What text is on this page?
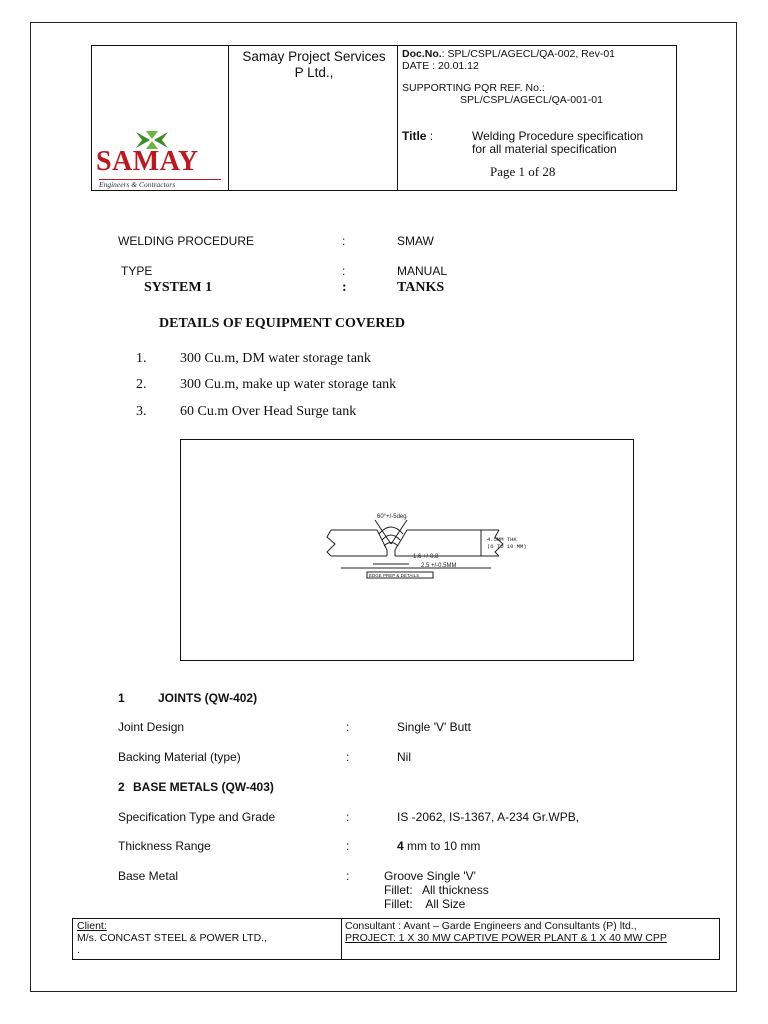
Samay Project Services
P Ltd.,
SAMAY
Engineers & Contractors
Doc.No.: SPL/CSPL/AGECL/QA-002, Rev-01
DATE : 20.01.12
SUPPORTING PQR REF. No.:
SPL/CSPL/AGECL/QA-001-01
Title :	Welding Procedure specification
for all material specification
Page 1 of 28
WELDING PROCEDURE	:	SMAW
TYPE	:	MANUAL
SYSTEM 1	:	TANKS
DETAILS OF EQUIPMENT COVERED
1. 300 Cu.m, DM water storage tank
2. 300 Cu.m, make up water storage tank
3. 60 Cu.m Over Head Surge tank
60°+/-5deg
4.5MM THK
(6 TO 10 MM)
1.6 +/-0.8
2.5 +/-0.5MM
EDGE PREP & DETAILS
1	JOINTS (QW-402)
Joint Design	:	Single 'V' Butt
Backing Material (type)	:	Nil
2 BASE METALS (QW-403)
Specification Type and Grade	:	IS -2062, IS-1367, A-234 Gr.WPB,
Thickness Range	:	4 mm to 10 mm
Base Metal	:	Groove Single 'V'
Fillet:   All thickness
Fillet:    All Size
Client:
M/s. CONCAST STEEL & POWER LTD.,
.
Consultant : Avant – Garde Engineers and Consultants (P) ltd.,
PROJECT: 1 X 30 MW CAPTIVE POWER PLANT & 1 X 40 MW CPP
